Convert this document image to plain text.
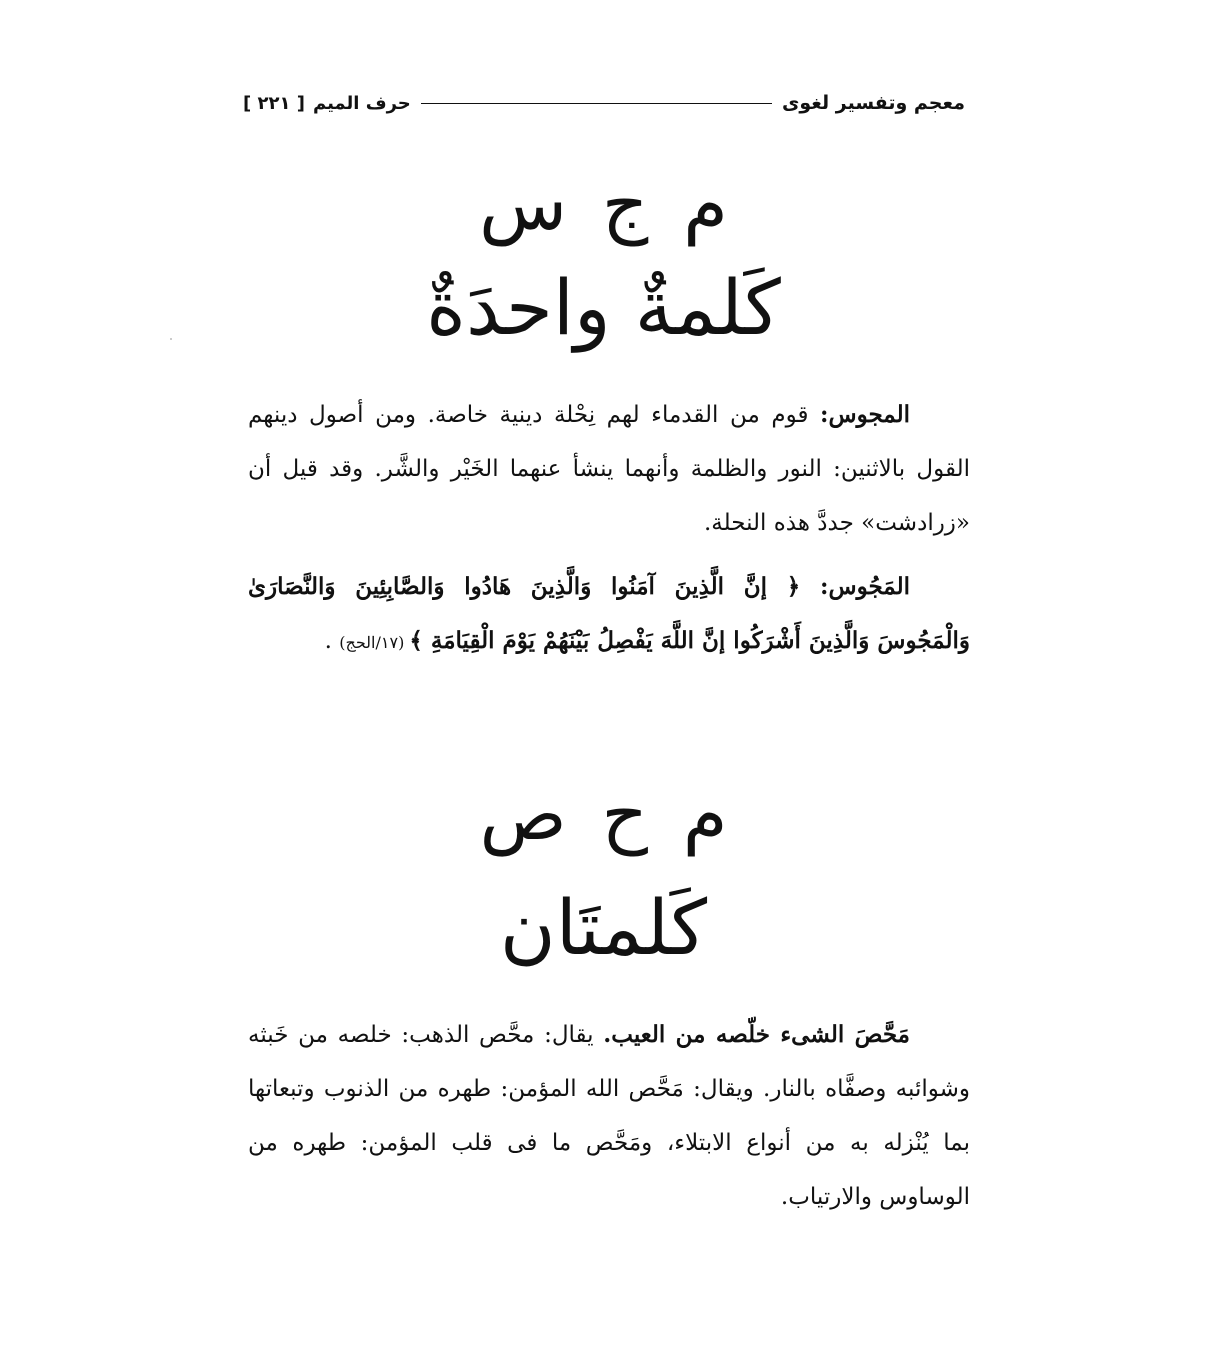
معجم وتفسير لغوى
حرف الميم
[ ٢٢١ ]
م ج س
كَلمةٌ واحدَةٌ

المجوس: قوم من القدماء لهم نِحْلة دينية خاصة. ومن أصول دينهم القول بالاثنين: النور والظلمة وأنهما ينشأ عنهما الخَيْر والشَّر. وقد قيل أن «زرادشت» جددَّ هذه النحلة.

المَجُوس: ﴿ إنَّ الَّذِينَ آمَنُوا وَالَّذِينَ هَادُوا وَالصَّابِئِينَ وَالنَّصَارَىٰ وَالْمَجُوسَ وَالَّذِينَ أَشْرَكُوا إنَّ اللَّهَ يَفْصِلُ بَيْنَهُمْ يَوْمَ الْقِيَامَةِ ﴾ (١٧/الحج) .

م ح ص
كَلمتَان

مَحَّصَ الشىء خلّصه من العيب. يقال: محَّص الذهب: خلصه من خَبثه وشوائبه وصفَّاه بالنار. ويقال: مَحَّص الله المؤمن: طهره من الذنوب وتبعاتها بما يُنْزله به من أنواع الابتلاء، ومَحَّص ما فى قلب المؤمن: طهره من الوساوس والارتياب.
